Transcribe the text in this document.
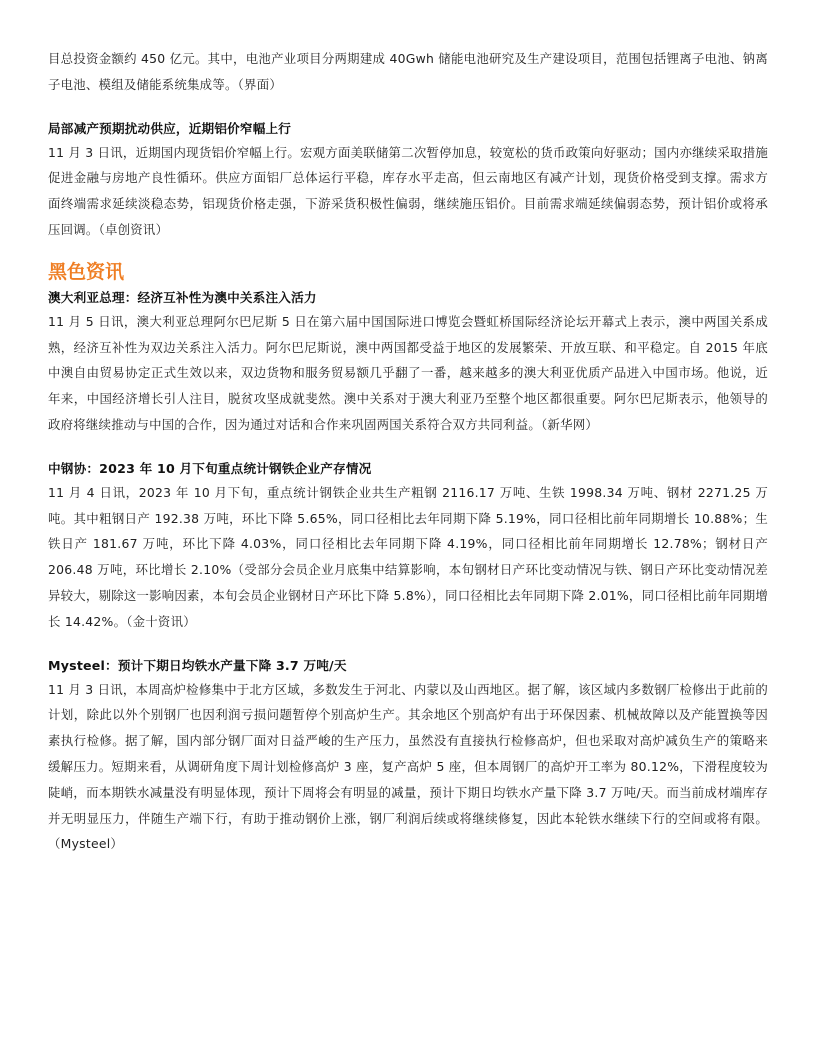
目总投资金额约 450 亿元。其中，电池产业项目分两期建成 40Gwh 储能电池研究及生产建设项目，范围包括锂离子电池、钠离子电池、模组及储能系统集成等。（界面）

局部减产预期扰动供应，近期铝价窄幅上行

11 月 3 日讯，近期国内现货铝价窄幅上行。宏观方面美联储第二次暂停加息，较宽松的货币政策向好驱动；国内亦继续采取措施促进金融与房地产良性循环。供应方面铝厂总体运行平稳，库存水平走高，但云南地区有减产计划，现货价格受到支撑。需求方面终端需求延续淡稳态势，铝现货价格走强，下游采货积极性偏弱，继续施压铝价。目前需求端延续偏弱态势，预计铝价或将承压回调。（卓创资讯）

黑色资讯
澳大利亚总理：经济互补性为澳中关系注入活力

11 月 5 日讯，澳大利亚总理阿尔巴尼斯 5 日在第六届中国国际进口博览会暨虹桥国际经济论坛开幕式上表示，澳中两国关系成熟，经济互补性为双边关系注入活力。阿尔巴尼斯说，澳中两国都受益于地区的发展繁荣、开放互联、和平稳定。自 2015 年底中澳自由贸易协定正式生效以来，双边货物和服务贸易额几乎翻了一番，越来越多的澳大利亚优质产品进入中国市场。他说，近年来，中国经济增长引人注目，脱贫攻坚成就斐然。澳中关系对于澳大利亚乃至整个地区都很重要。阿尔巴尼斯表示，他领导的政府将继续推动与中国的合作，因为通过对话和合作来巩固两国关系符合双方共同利益。（新华网）

中钢协：2023 年 10 月下旬重点统计钢铁企业产存情况

11 月 4 日讯，2023 年 10 月下旬，重点统计钢铁企业共生产粗钢 2116.17 万吨、生铁 1998.34 万吨、钢材 2271.25 万吨。其中粗钢日产 192.38 万吨，环比下降 5.65%，同口径相比去年同期下降 5.19%，同口径相比前年同期增长 10.88%；生铁日产 181.67 万吨，环比下降 4.03%，同口径相比去年同期下降 4.19%，同口径相比前年同期增长 12.78%；钢材日产 206.48 万吨，环比增长 2.10%（受部分会员企业月底集中结算影响，本旬钢材日产环比变动情况与铁、钢日产环比变动情况差异较大，剔除这一影响因素，本旬会员企业钢材日产环比下降 5.8%），同口径相比去年同期下降 2.01%，同口径相比前年同期增长 14.42%。（金十资讯）

Mysteel：预计下期日均铁水产量下降 3.7 万吨/天

11 月 3 日讯，本周高炉检修集中于北方区域，多数发生于河北、内蒙以及山西地区。据了解，该区域内多数钢厂检修出于此前的计划，除此以外个别钢厂也因利润亏损问题暂停个别高炉生产。其余地区个别高炉有出于环保因素、机械故障以及产能置换等因素执行检修。据了解，国内部分钢厂面对日益严峻的生产压力，虽然没有直接执行检修高炉，但也采取对高炉减负生产的策略来缓解压力。短期来看，从调研角度下周计划检修高炉 3 座，复产高炉 5 座，但本周钢厂的高炉开工率为 80.12%，下滑程度较为陡峭，而本期铁水减量没有明显体现，预计下周将会有明显的减量，预计下期日均铁水产量下降 3.7 万吨/天。而当前成材端库存并无明显压力，伴随生产端下行，有助于推动钢价上涨，钢厂利润后续或将继续修复，因此本轮铁水继续下行的空间或将有限。（Mysteel）
